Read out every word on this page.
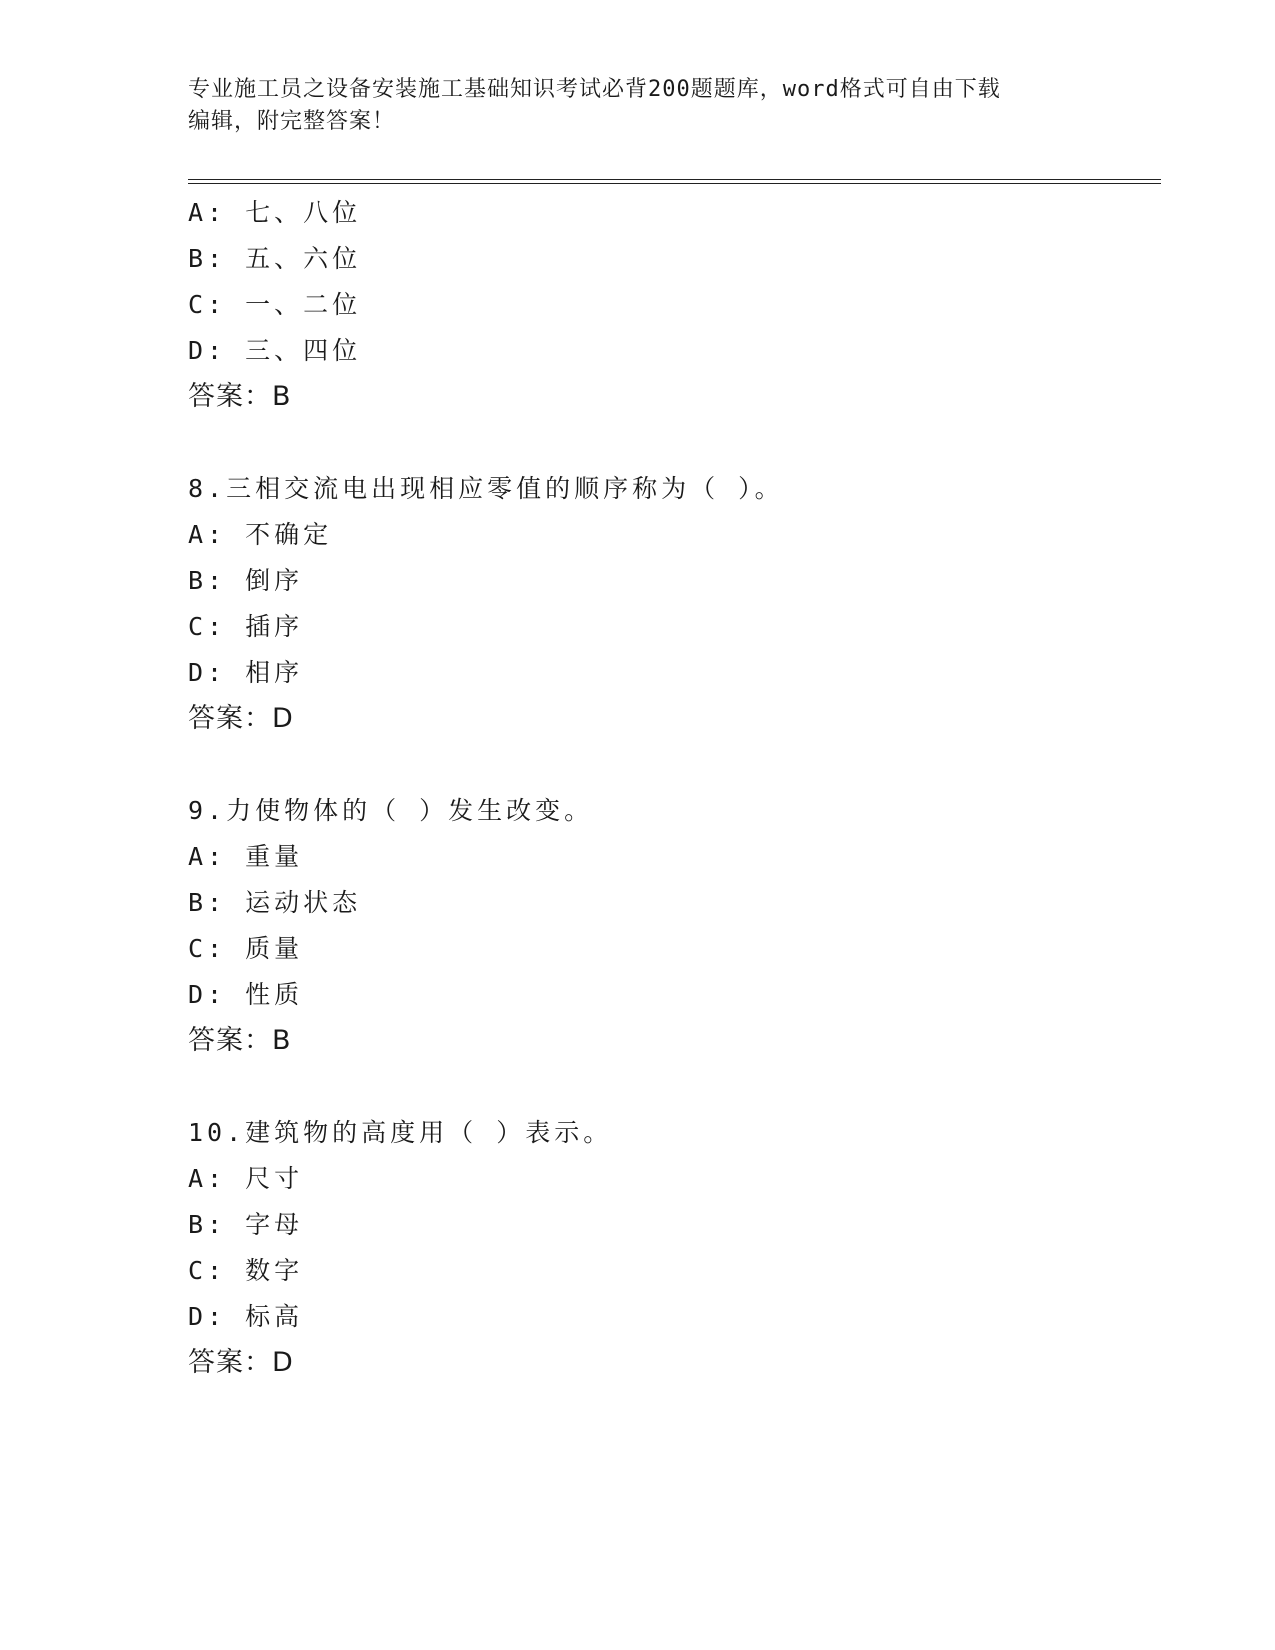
专业施工员之设备安装施工基础知识考试必背200题题库，word格式可自由下载
编辑，附完整答案！
A: 七、八位
B: 五、六位
C: 一、二位
D: 三、四位
答案：B
8.三相交流电出现相应零值的顺序称为（ ）。
A: 不确定
B: 倒序
C: 插序
D: 相序
答案：D
9.力使物体的（ ）发生改变。
A: 重量
B: 运动状态
C: 质量
D: 性质
答案：B
10.建筑物的高度用（ ）表示。
A: 尺寸
B: 字母
C: 数字
D: 标高
答案：D
